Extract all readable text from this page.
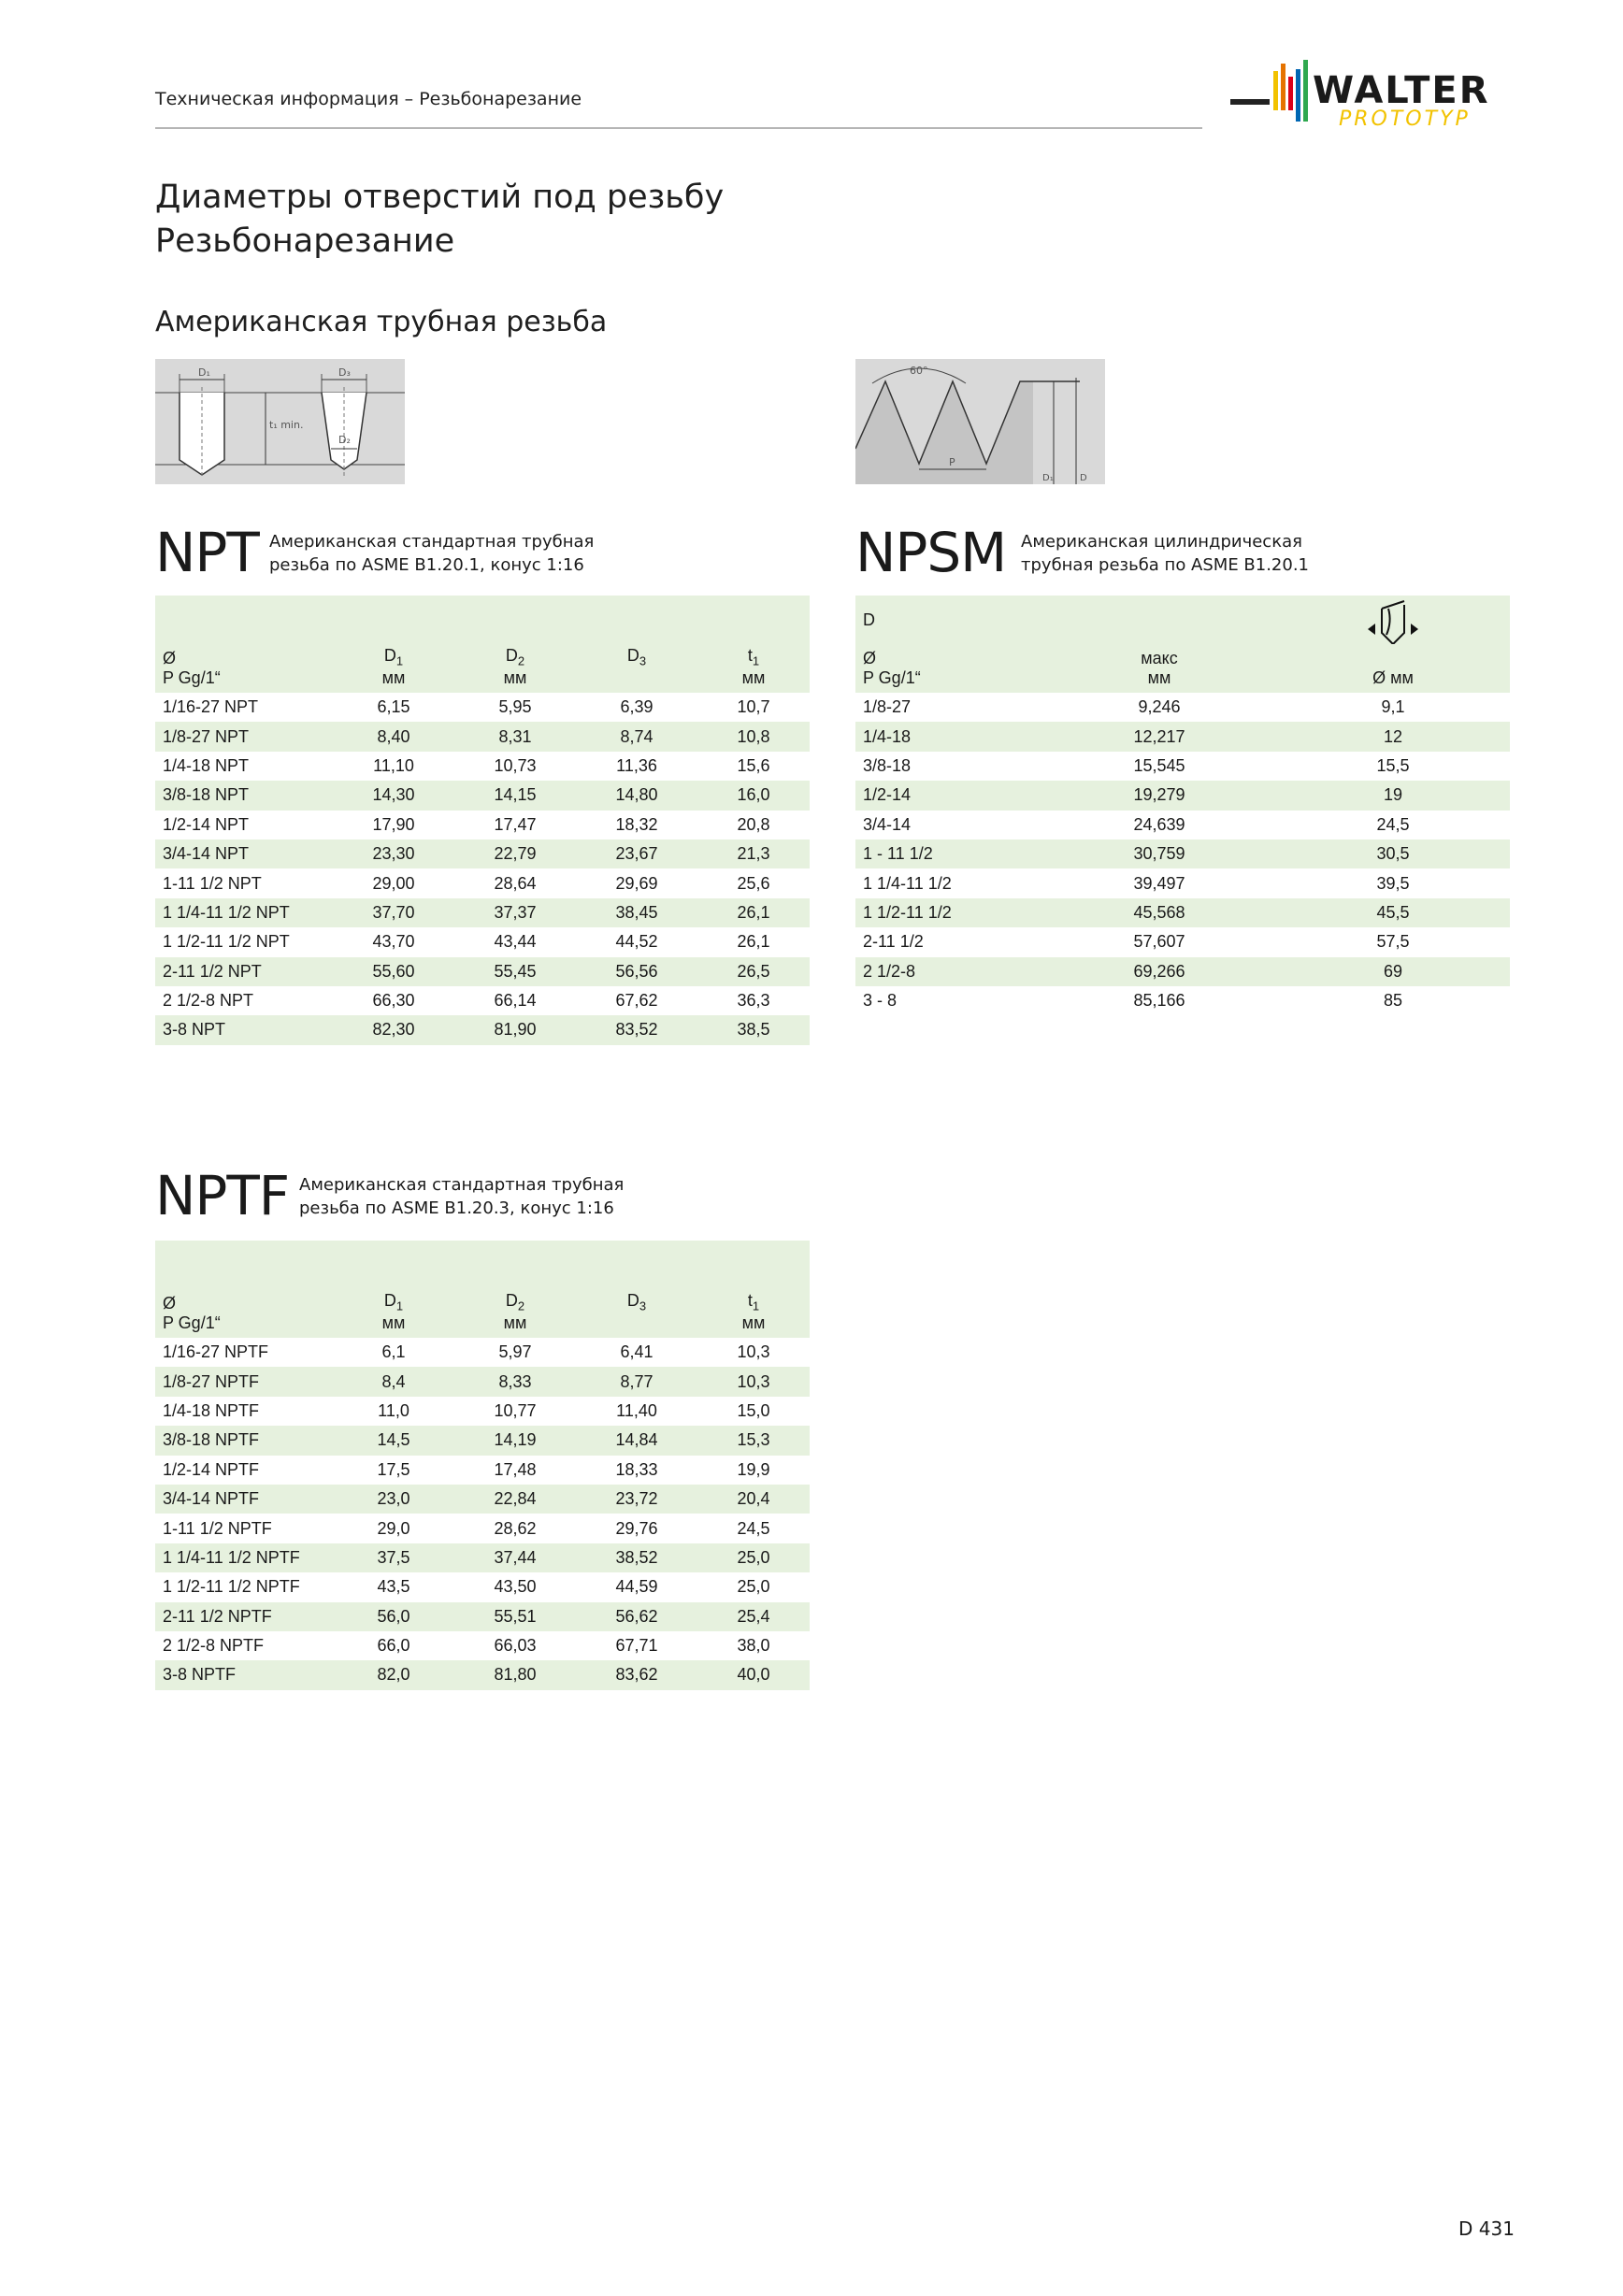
Техническая информация – Резьбонарезание	WALTER
PROTOTYP
Диаметры отверстий под резьбу
Резьбонарезание
Американская трубная резьба
D₁
t₁ min.
D₃
D₂
60°
P
D₁	D
NPT Американская стандартная трубная
резьба по ASME B1.20.1, конус 1:16

Ø	$D_1$	$D_2$	$D_3$	$t_1$
P Gg/1“	мм	мм		мм
1/16-27 NPT	6,15	5,95	6,39	10,7
1/8-27 NPT	8,40	8,31	8,74	10,8
1/4-18 NPT	11,10	10,73	11,36	15,6
3/8-18 NPT	14,30	14,15	14,80	16,0
1/2-14 NPT	17,90	17,47	18,32	20,8
3/4-14 NPT	23,30	22,79	23,67	21,3
1-11 1/2 NPT	29,00	28,64	29,69	25,6
1 1/4-11 1/2 NPT	37,70	37,37	38,45	26,1
1 1/2-11 1/2 NPT	43,70	43,44	44,52	26,1
2-11 1/2 NPT	55,60	55,45	56,56	26,5
2 1/2-8 NPT	66,30	66,14	67,62	36,3
3-8 NPT	82,30	81,90	83,52	38,5
NPSM Американская цилиндрическая
трубная резьба по ASME B1.20.1
D		

Ø	макс	
P Gg/1“	мм	Ø мм
1/8-27	9,246	9,1
1/4-18	12,217	12
3/8-18	15,545	15,5
1/2-14	19,279	19
3/4-14	24,639	24,5
1 - 11 1/2	30,759	30,5
1 1/4-11 1/2	39,497	39,5
1 1/2-11 1/2	45,568	45,5
2-11 1/2	57,607	57,5
2 1/2-8	69,266	69
3 - 8	85,166	85
NPTF Американская стандартная трубная
резьба по ASME B1.20.3, конус 1:16

Ø	$D_1$	$D_2$	$D_3$	$t_1$
P Gg/1“	мм	мм		мм
1/16-27 NPTF	6,1	5,97	6,41	10,3
1/8-27 NPTF	8,4	8,33	8,77	10,3
1/4-18 NPTF	11,0	10,77	11,40	15,0
3/8-18 NPTF	14,5	14,19	14,84	15,3
1/2-14 NPTF	17,5	17,48	18,33	19,9
3/4-14 NPTF	23,0	22,84	23,72	20,4
1-11 1/2 NPTF	29,0	28,62	29,76	24,5
1 1/4-11 1/2 NPTF	37,5	37,44	38,52	25,0
1 1/2-11 1/2 NPTF	43,5	43,50	44,59	25,0
2-11 1/2 NPTF	56,0	55,51	56,62	25,4
2 1/2-8 NPTF	66,0	66,03	67,71	38,0
3-8 NPTF	82,0	81,80	83,62	40,0
D 431
